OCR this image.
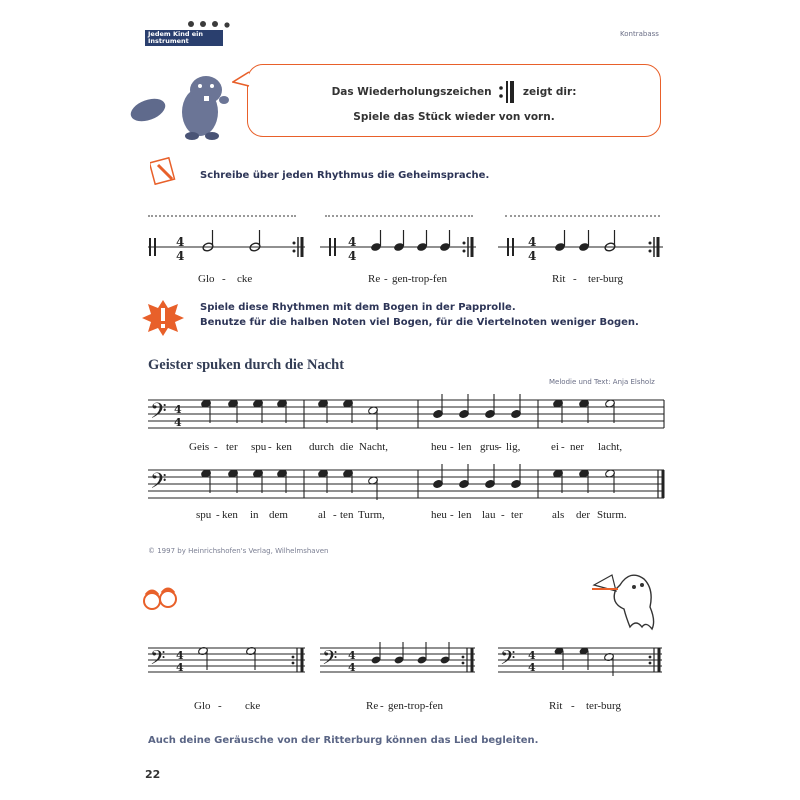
Jedem Kind ein Instrument
Kontrabass
Das Wiederholungszeichen	zeigt dir:
Spiele das Stück wieder von vorn.
Schreibe über jeden Rhythmus die Geheimsprache.
4
4
4
4
4
4
Glo - cke	Re - gen-trop-fen	Rit - ter-burg
Spiele diese Rhythmen mit dem Bogen in der Papprolle.
Benutze für die halben Noten viel Bogen, für die Viertelnoten weniger Bogen.
Geister spuken durch die Nacht
Melodie und Text: Anja Elsholz
𝄢 4
4
Geis - ter spu - ken durch die Nacht,	heu - len grus - lig,	ei - ner lacht,
𝄢
spu - ken in dem	al - ten Turm,	heu - len lau - ter	als der Sturm.
© 1997 by Heinrichshofen's Verlag, Wilhelmshaven
𝄢 4
4	𝄢 4
4	𝄢 4
4
Glo - cke	Re - gen-trop-fen	Rit - ter-burg
Auch deine Geräusche von der Ritterburg können das Lied begleiten.
22
